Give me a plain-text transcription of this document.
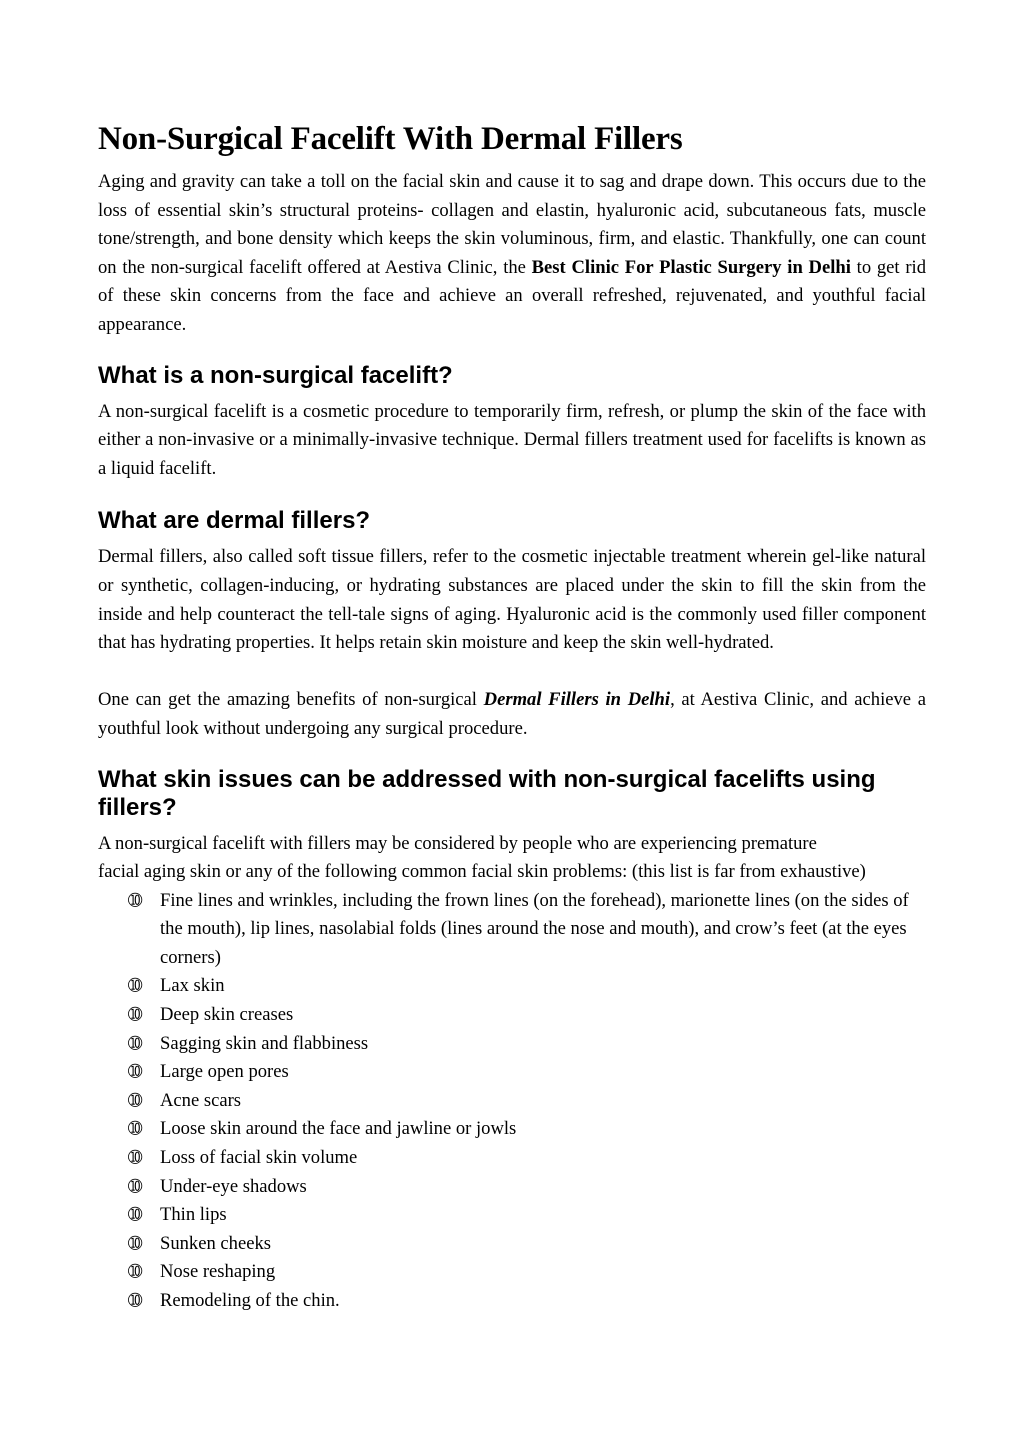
Non-Surgical Facelift With Dermal Fillers

Aging and gravity can take a toll on the facial skin and cause it to sag and drape down. This occurs due to the loss of essential skin’s structural proteins- collagen and elastin, hyaluronic acid, subcutaneous fats, muscle tone/strength, and bone density which keeps the skin voluminous, firm, and elastic. Thankfully, one can count on the non-surgical facelift offered at Aestiva Clinic, the Best Clinic For Plastic Surgery in Delhi to get rid of these skin concerns from the face and achieve an overall refreshed, rejuvenated, and youthful facial appearance.

What is a non-surgical facelift?

A non-surgical facelift is a cosmetic procedure to temporarily firm, refresh, or plump the skin of the face with either a non-invasive or a minimally-invasive technique. Dermal fillers treatment used for facelifts is known as a liquid facelift.

What are dermal fillers?

Dermal fillers, also called soft tissue fillers, refer to the cosmetic injectable treatment wherein gel-like natural or synthetic, collagen-inducing, or hydrating substances are placed under the skin to fill the skin from the inside and help counteract the tell-tale signs of aging. Hyaluronic acid is the commonly used filler component that has hydrating properties. It helps retain skin moisture and keep the skin well-hydrated.

One can get the amazing benefits of non-surgical Dermal Fillers in Delhi, at Aestiva Clinic, and achieve a youthful look without undergoing any surgical procedure.

What skin issues can be addressed with non-surgical facelifts using fillers?

A non-surgical facelift with fillers may be considered by people who are experiencing premature
facial aging skin or any of the following common facial skin problems: (this list is far from exhaustive)

➉ Fine lines and wrinkles, including the frown lines (on the forehead), marionette lines (on the sides of the mouth), lip lines, nasolabial folds (lines around the nose and mouth), and crow’s feet (at the eyes corners)
➉ Lax skin
➉ Deep skin creases
➉ Sagging skin and flabbiness
➉ Large open pores
➉ Acne scars
➉ Loose skin around the face and jawline or jowls
➉ Loss of facial skin volume
➉ Under-eye shadows
➉ Thin lips
➉ Sunken cheeks
➉ Nose reshaping
➉ Remodeling of the chin.
